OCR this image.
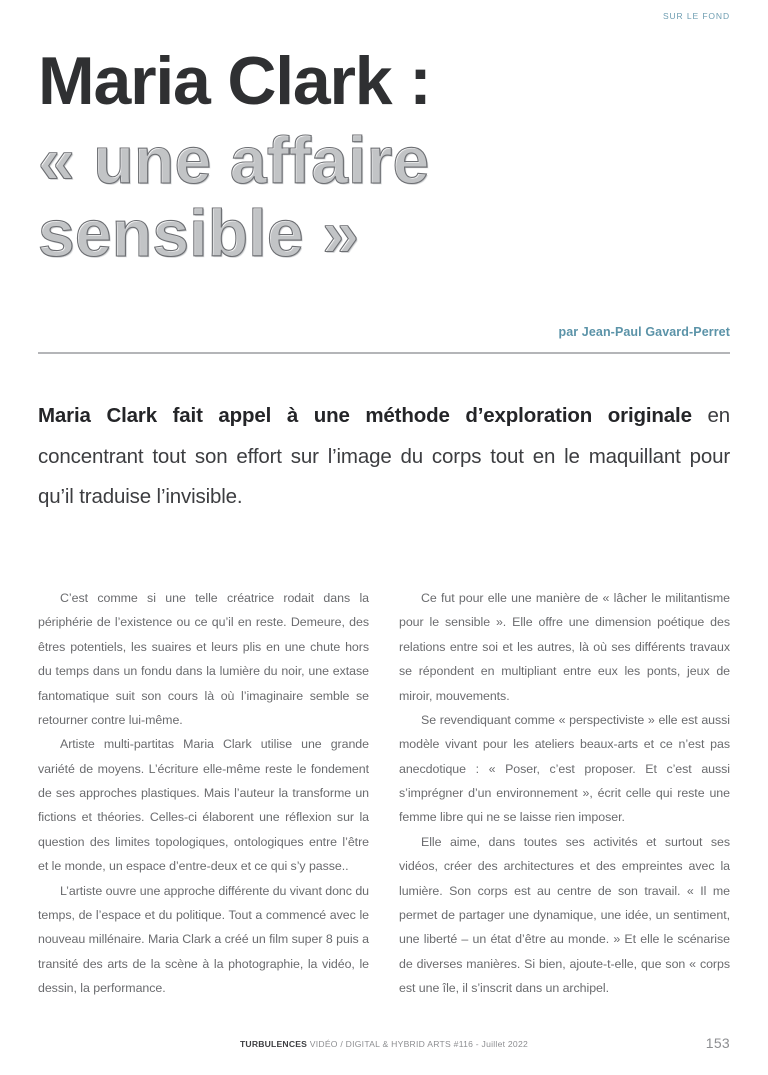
SUR LE FOND
Maria Clark :
« une affaire
sensible »
par Jean-Paul Gavard-Perret
Maria Clark fait appel à une méthode d’exploration originale en concentrant tout son effort sur l’image du corps tout en le maquillant pour qu’il traduise l’invisible.

C’est comme si une telle créatrice rodait dans la périphérie de l’existence ou ce qu’il en reste. Demeure, des êtres potentiels, les suaires et leurs plis en une chute hors du temps dans un fondu dans la lumière du noir, une extase fantomatique suit son cours là où l’imaginaire semble se retourner contre lui-même.

Artiste multi-partitas Maria Clark utilise une grande variété de moyens. L’écriture elle-même reste le fondement de ses approches plastiques. Mais l’auteur la transforme un fictions et théories. Celles-ci élaborent une réflexion sur la question des limites topologiques, ontologiques entre l’être et le monde, un espace d’entre-deux et ce qui s’y passe..

L’artiste ouvre une approche différente du vivant donc du temps, de l’espace et du politique. Tout a commencé avec le nouveau millénaire. Maria Clark a créé un film super 8 puis a transité des arts de la scène à la photographie, la vidéo, le dessin, la performance.

Ce fut pour elle une manière de « lâcher le militantisme pour le sensible ». Elle offre une dimension poétique des relations entre soi et les autres, là où ses différents travaux se répondent en multipliant entre eux les ponts, jeux de miroir, mouvements.

Se revendiquant comme « perspectiviste » elle est aussi modèle vivant pour les ateliers beaux-arts et ce n’est pas anecdotique : « Poser, c’est proposer. Et c’est aussi s’imprégner d’un environnement », écrit celle qui reste une femme libre qui ne se laisse rien imposer.

Elle aime, dans toutes ses activités et surtout ses vidéos, créer des architectures et des empreintes avec la lumière. Son corps est au centre de son travail. « Il me permet de partager une dynamique, une idée, un sentiment, une liberté – un état d’être au monde. » Et elle le scénarise de diverses manières. Si bien, ajoute-t-elle, que son « corps est une île, il s’inscrit dans un archipel.

TURBULENCES VIDÉO / DIGITAL & HYBRID ARTS #116 - Juillet 2022	153
